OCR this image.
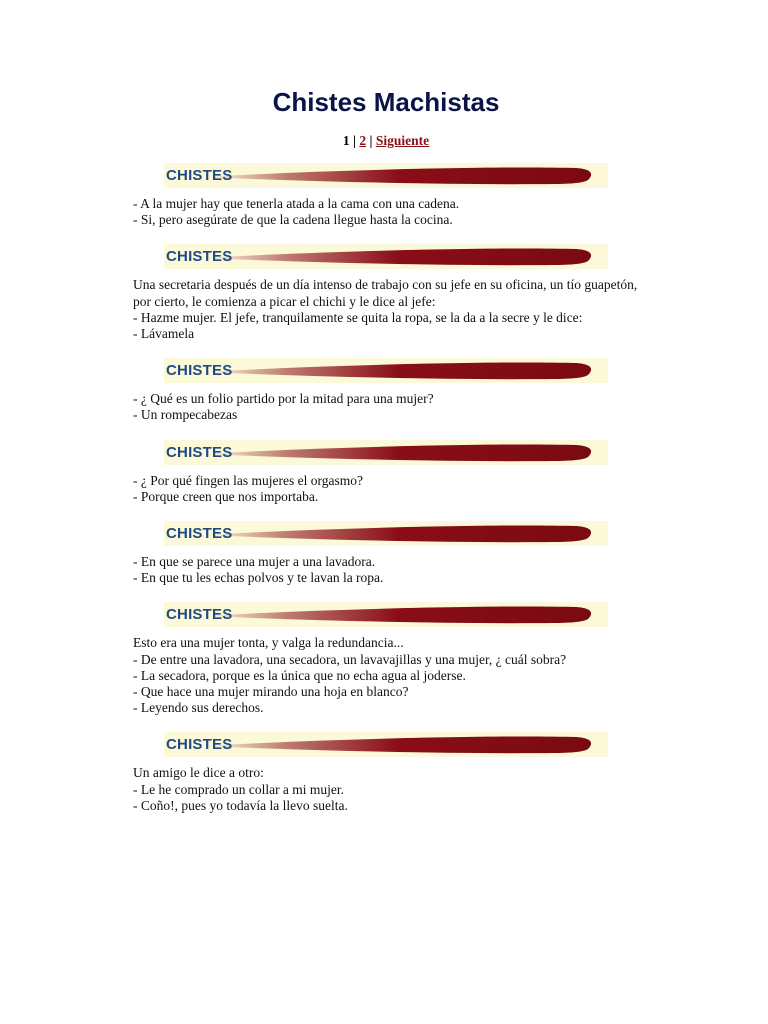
Chistes Machistas
1 | 2 | Siguiente
CHISTES
- A la mujer hay que tenerla atada a la cama con una cadena.
- Si, pero asegúrate de que la cadena llegue hasta la cocina.
CHISTES
Una secretaria después de un día intenso de trabajo con su jefe en su oficina, un tío guapetón, por cierto, le comienza a picar el chichi y le dice al jefe:
- Hazme mujer. El jefe, tranquilamente se quita la ropa, se la da a la secre y le dice:
- Lávamela
CHISTES
- ¿ Qué es un folio partido por la mitad para una mujer?
- Un rompecabezas
CHISTES
- ¿ Por qué fingen las mujeres el orgasmo?
- Porque creen que nos importaba.
CHISTES
- En que se parece una mujer a una lavadora.
- En que tu les echas polvos y te lavan la ropa.
CHISTES
Esto era una mujer tonta, y valga la redundancia...
- De entre una lavadora, una secadora, un lavavajillas y una mujer, ¿ cuál sobra?
- La secadora, porque es la única que no echa agua al joderse.
- Que hace una mujer mirando una hoja en blanco?
- Leyendo sus derechos.
CHISTES
Un amigo le dice a otro:
- Le he comprado un collar a mi mujer.
- Coño!, pues yo todavía la llevo suelta.
